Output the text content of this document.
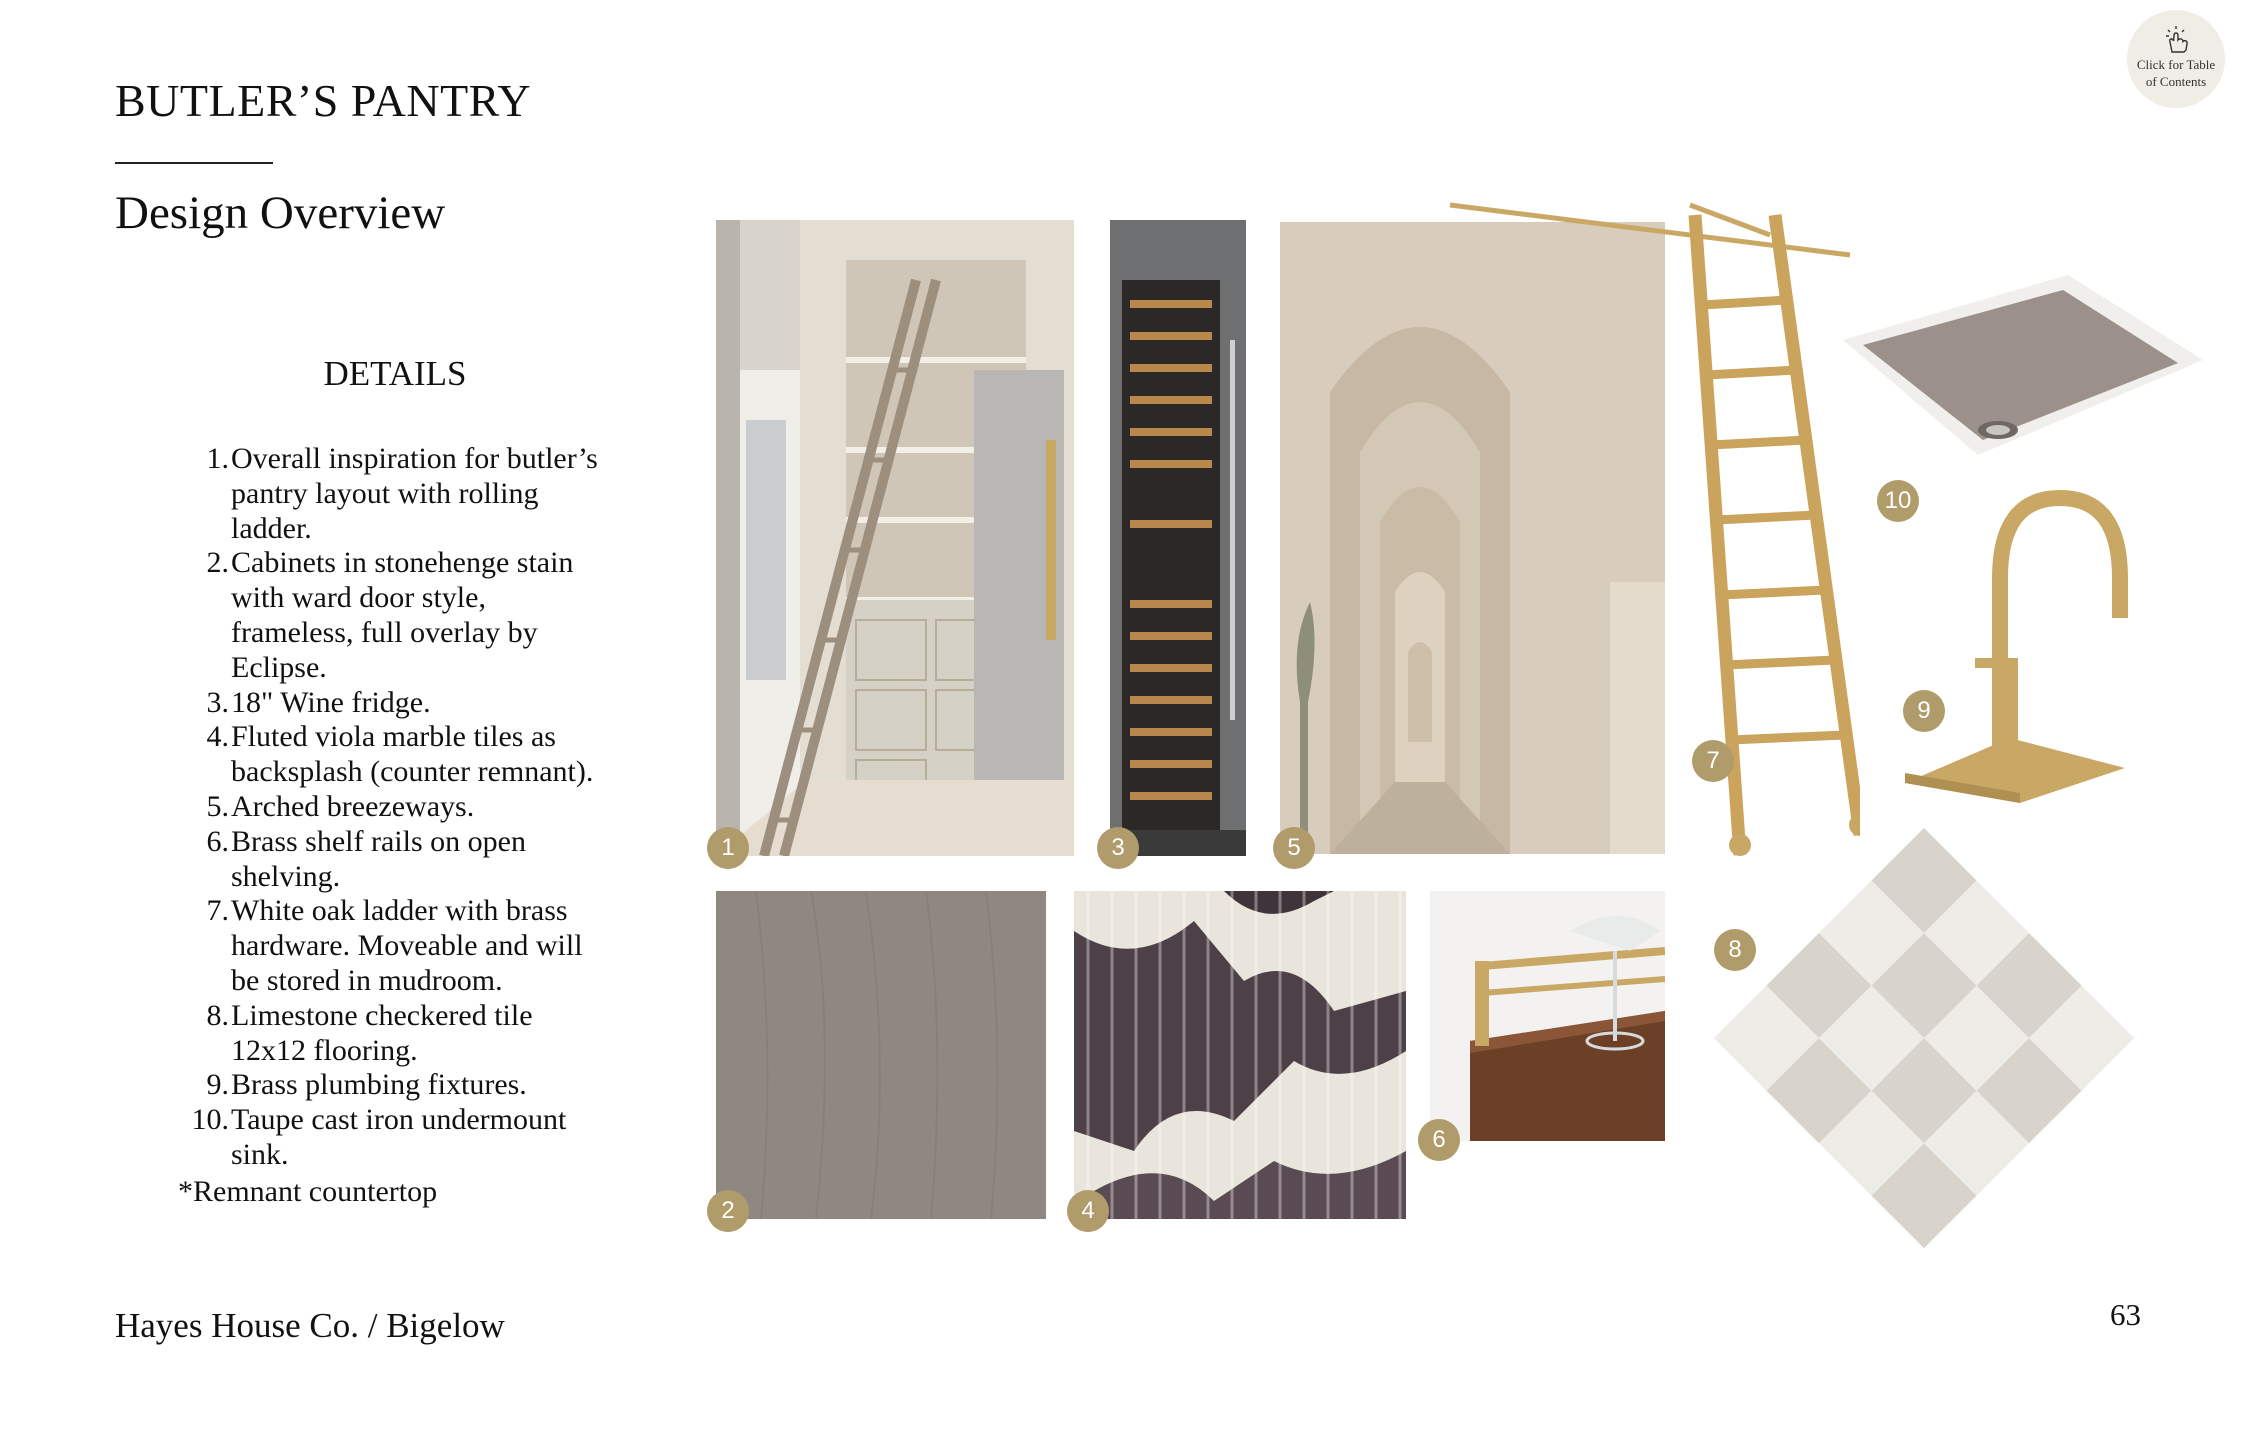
BUTLER’S PANTRY
Design Overview
DETAILS
1. Overall inspiration for butler’s
pantry layout with rolling
ladder.
2. Cabinets in stonehenge stain
with ward door style,
frameless, full overlay by
Eclipse.
3. 18" Wine fridge.
4. Fluted viola marble tiles as
backsplash (counter remnant).
5. Arched breezeways.
6. Brass shelf rails on open
shelving.
7. White oak ladder with brass
hardware. Moveable and will
be stored in mudroom.
8. Limestone checkered tile
12x12 flooring.
9. Brass plumbing fixtures.
10. Taupe cast iron undermount
sink.
*Remnant countertop
Hayes House Co. / Bigelow	63
Click for Table
of Contents
1
2
3
4
5
6
7
10
9
8
